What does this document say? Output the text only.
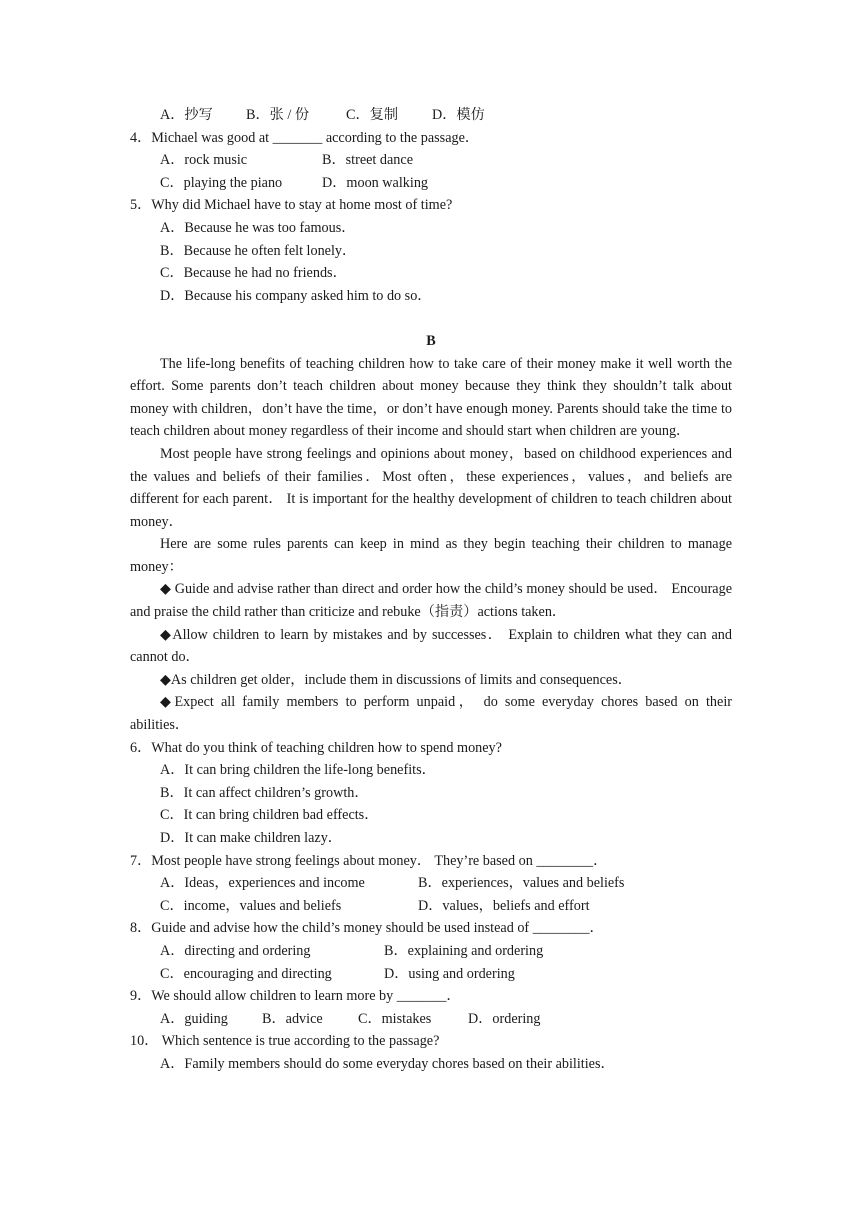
A．抄写 B．张 / 份	C．复制 D．模仿
4．Michael was good at _______ according to the passage．
A．rock music	B．street dance
C．playing the piano	D．moon walking
5．Why did Michael have to stay at home most of time?
A．Because he was too famous．
B．Because he often felt lonely．
C．Because he had no friends．
D．Because his company asked him to do so．
B

The life-long benefits of teaching children how to take care of their money make it well worth the effort. Some parents don’t teach children about money because they think they shouldn’t talk about money with children，don’t have the time，or don’t have enough money. Parents should take the time to teach children about money regardless of their income and should start when children are young．

Most people have strong feelings and opinions about money，based on childhood experiences and the values and beliefs of their families．Most often，these experiences，values，and beliefs are different for each parent． It is important for the healthy development of children to teach children about money．

Here are some rules parents can keep in mind as they begin teaching their children to manage money：

◆ Guide and advise rather than direct and order how the child’s money should be used． Encourage and praise the child rather than criticize and rebuke（指责）actions taken．

◆Allow children to learn by mistakes and by successes． Explain to children what they can and cannot do．

◆As children get older，include them in discussions of limits and consequences．

◆Expect all family members to perform unpaid， do some everyday chores based on their abilities．

6．What do you think of teaching children how to spend money?
A．It can bring children the life-long benefits．
B．It can affect children’s growth．
C．It can bring children bad effects．
D．It can make children lazy．
7．Most people have strong feelings about money． They’re based on ________．
A．Ideas，experiences and income	B．experiences，values and beliefs
C．income，values and beliefs	D．values，beliefs and effort
8．Guide and advise how the child’s money should be used instead of ________．
A．directing and ordering	B．explaining and ordering
C．encouraging and directing	D．using and ordering
9．We should allow children to learn more by _______．
A．guiding B．advice C．mistakes	D．ordering
10． Which sentence is true according to the passage?
A．Family members should do some everyday chores based on their abilities．
